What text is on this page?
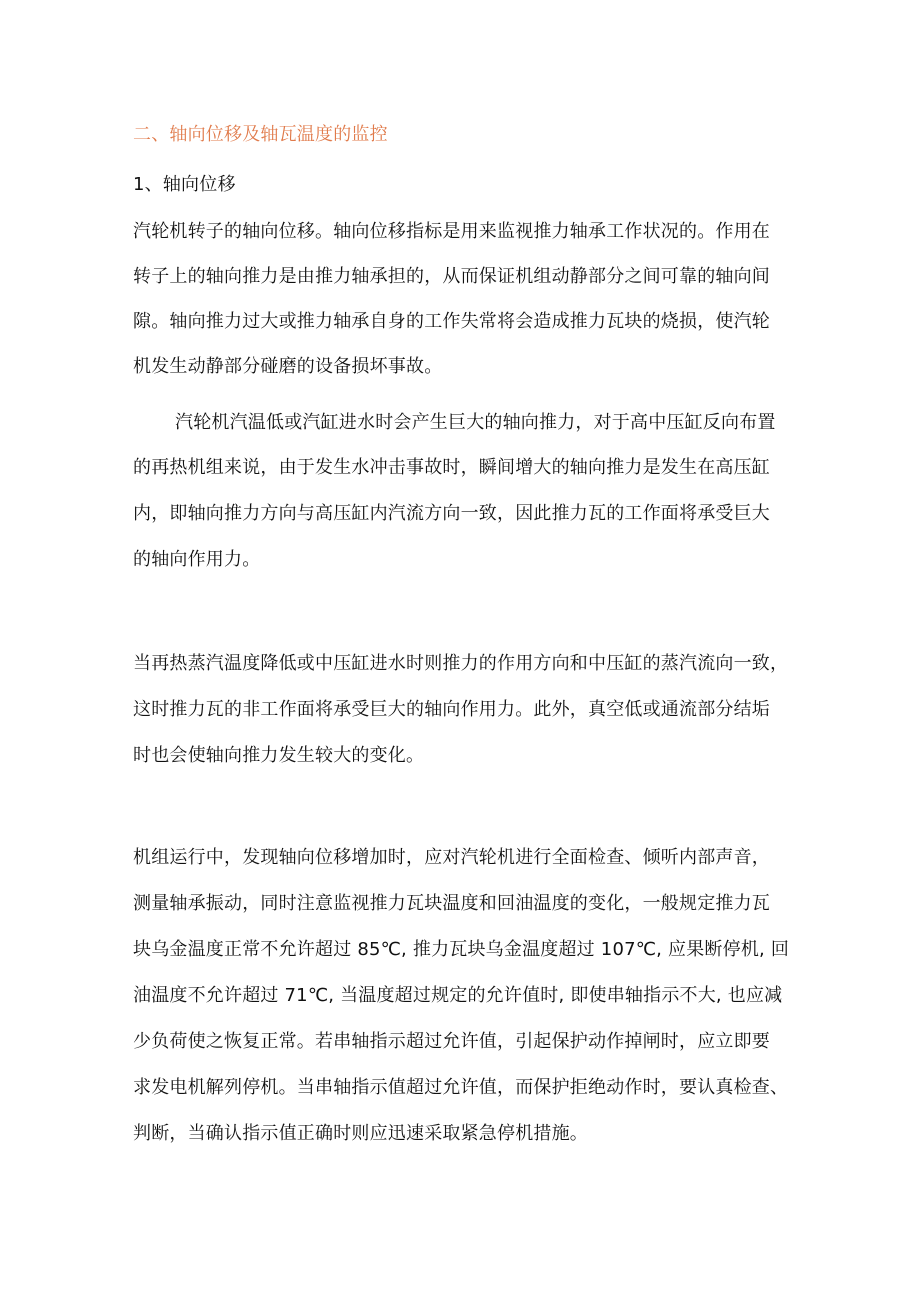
二、轴向位移及轴瓦温度的监控
1、轴向位移
汽轮机转子的轴向位移。轴向位移指标是用来监视推力轴承工作状况的。作用在
转子上的轴向推力是由推力轴承担的，从而保证机组动静部分之间可靠的轴向间
隙。轴向推力过大或推力轴承自身的工作失常将会造成推力瓦块的烧损，使汽轮
机发生动静部分碰磨的设备损坏事故。
汽轮机汽温低或汽缸进水时会产生巨大的轴向推力，对于高中压缸反向布置
的再热机组来说，由于发生水冲击事故时，瞬间增大的轴向推力是发生在高压缸
内，即轴向推力方向与高压缸内汽流方向一致，因此推力瓦的工作面将承受巨大
的轴向作用力。
当再热蒸汽温度降低或中压缸进水时则推力的作用方向和中压缸的蒸汽流向一致，
这时推力瓦的非工作面将承受巨大的轴向作用力。此外，真空低或通流部分结垢
时也会使轴向推力发生较大的变化。
机组运行中，发现轴向位移增加时，应对汽轮机进行全面检查、倾听内部声音，
测量轴承振动，同时注意监视推力瓦块温度和回油温度的变化，一般规定推力瓦
块乌金温度正常不允许超过 85℃, 推力瓦块乌金温度超过 107℃, 应果断停机, 回
油温度不允许超过 71℃, 当温度超过规定的允许值时, 即使串轴指示不大, 也应减
少负荷使之恢复正常。若串轴指示超过允许值，引起保护动作掉闸时，应立即要
求发电机解列停机。当串轴指示值超过允许值，而保护拒绝动作时，要认真检查、
判断，当确认指示值正确时则应迅速采取紧急停机措施。
